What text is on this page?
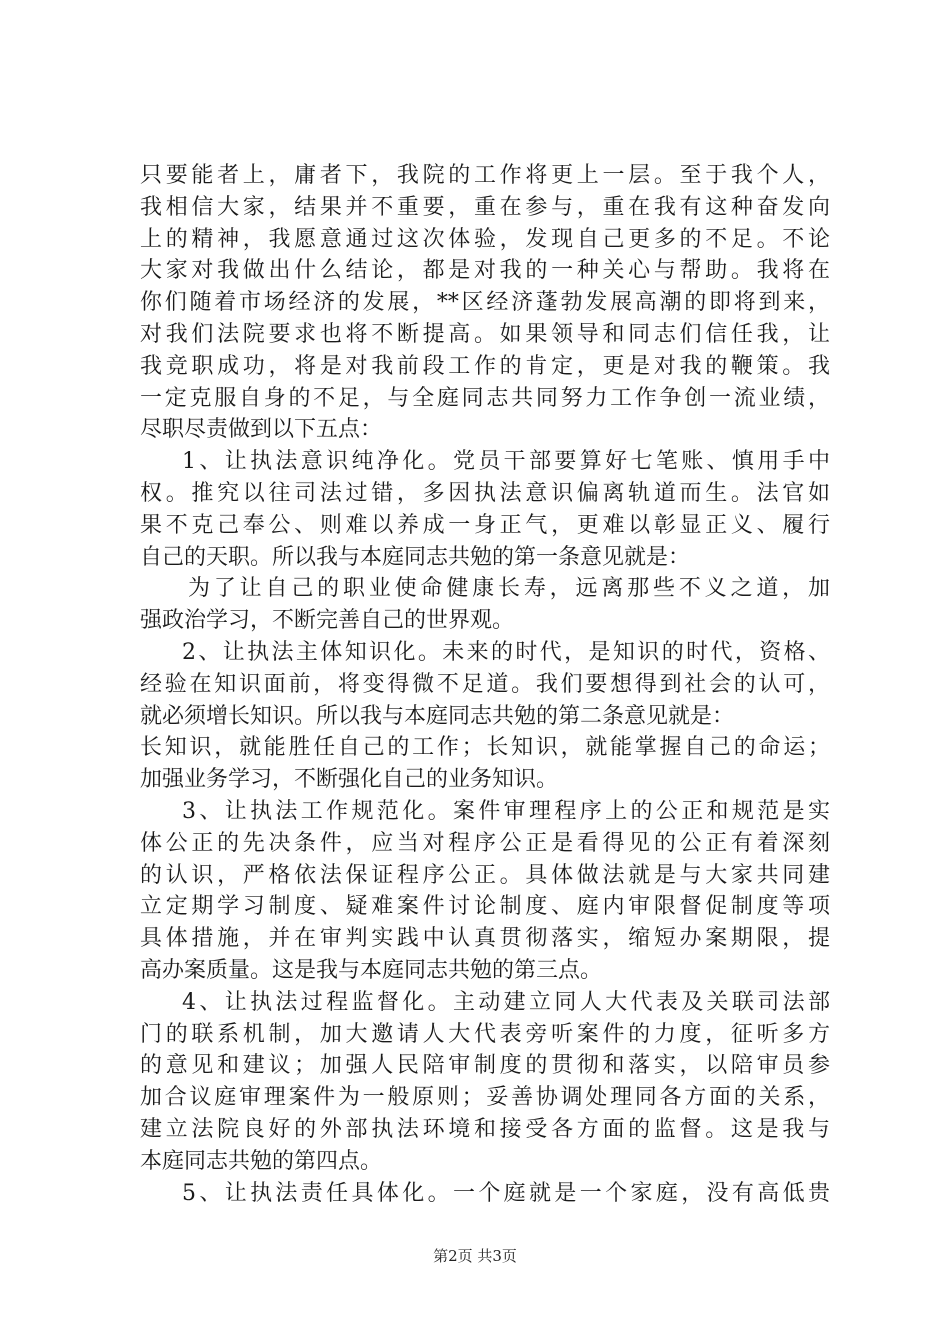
只要能者上，庸者下，我院的工作将更上一层。至于我个人，
我相信大家，结果并不重要，重在参与，重在我有这种奋发向
上的精神，我愿意通过这次体验，发现自己更多的不足。不论
大家对我做出什么结论，都是对我的一种关心与帮助。我将在
你们随着市场经济的发展，**区经济蓬勃发展高潮的即将到来，
对我们法院要求也将不断提高。如果领导和同志们信任我，让
我竞职成功，将是对我前段工作的肯定，更是对我的鞭策。我
一定克服自身的不足，与全庭同志共同努力工作争创一流业绩，
尽职尽责做到以下五点：
1、让执法意识纯净化。党员干部要算好七笔账、慎用手中
权。推究以往司法过错，多因执法意识偏离轨道而生。法官如
果不克己奉公、则难以养成一身正气，更难以彰显正义、履行
自己的天职。所以我与本庭同志共勉的第一条意见就是：
为了让自己的职业使命健康长寿，远离那些不义之道，加
强政治学习，不断完善自己的世界观。
2、让执法主体知识化。未来的时代，是知识的时代，资格、
经验在知识面前，将变得微不足道。我们要想得到社会的认可，
就必须增长知识。所以我与本庭同志共勉的第二条意见就是：
长知识，就能胜任自己的工作；长知识，就能掌握自己的命运；
加强业务学习，不断强化自己的业务知识。
3、让执法工作规范化。案件审理程序上的公正和规范是实
体公正的先决条件，应当对程序公正是看得见的公正有着深刻
的认识，严格依法保证程序公正。具体做法就是与大家共同建
立定期学习制度、疑难案件讨论制度、庭内审限督促制度等项
具体措施，并在审判实践中认真贯彻落实，缩短办案期限，提
高办案质量。这是我与本庭同志共勉的第三点。
4、让执法过程监督化。主动建立同人大代表及关联司法部
门的联系机制，加大邀请人大代表旁听案件的力度，征听多方
的意见和建议；加强人民陪审制度的贯彻和落实，以陪审员参
加合议庭审理案件为一般原则；妥善协调处理同各方面的关系，
建立法院良好的外部执法环境和接受各方面的监督。这是我与
本庭同志共勉的第四点。
5、让执法责任具体化。一个庭就是一个家庭，没有高低贵
第2页 共3页
